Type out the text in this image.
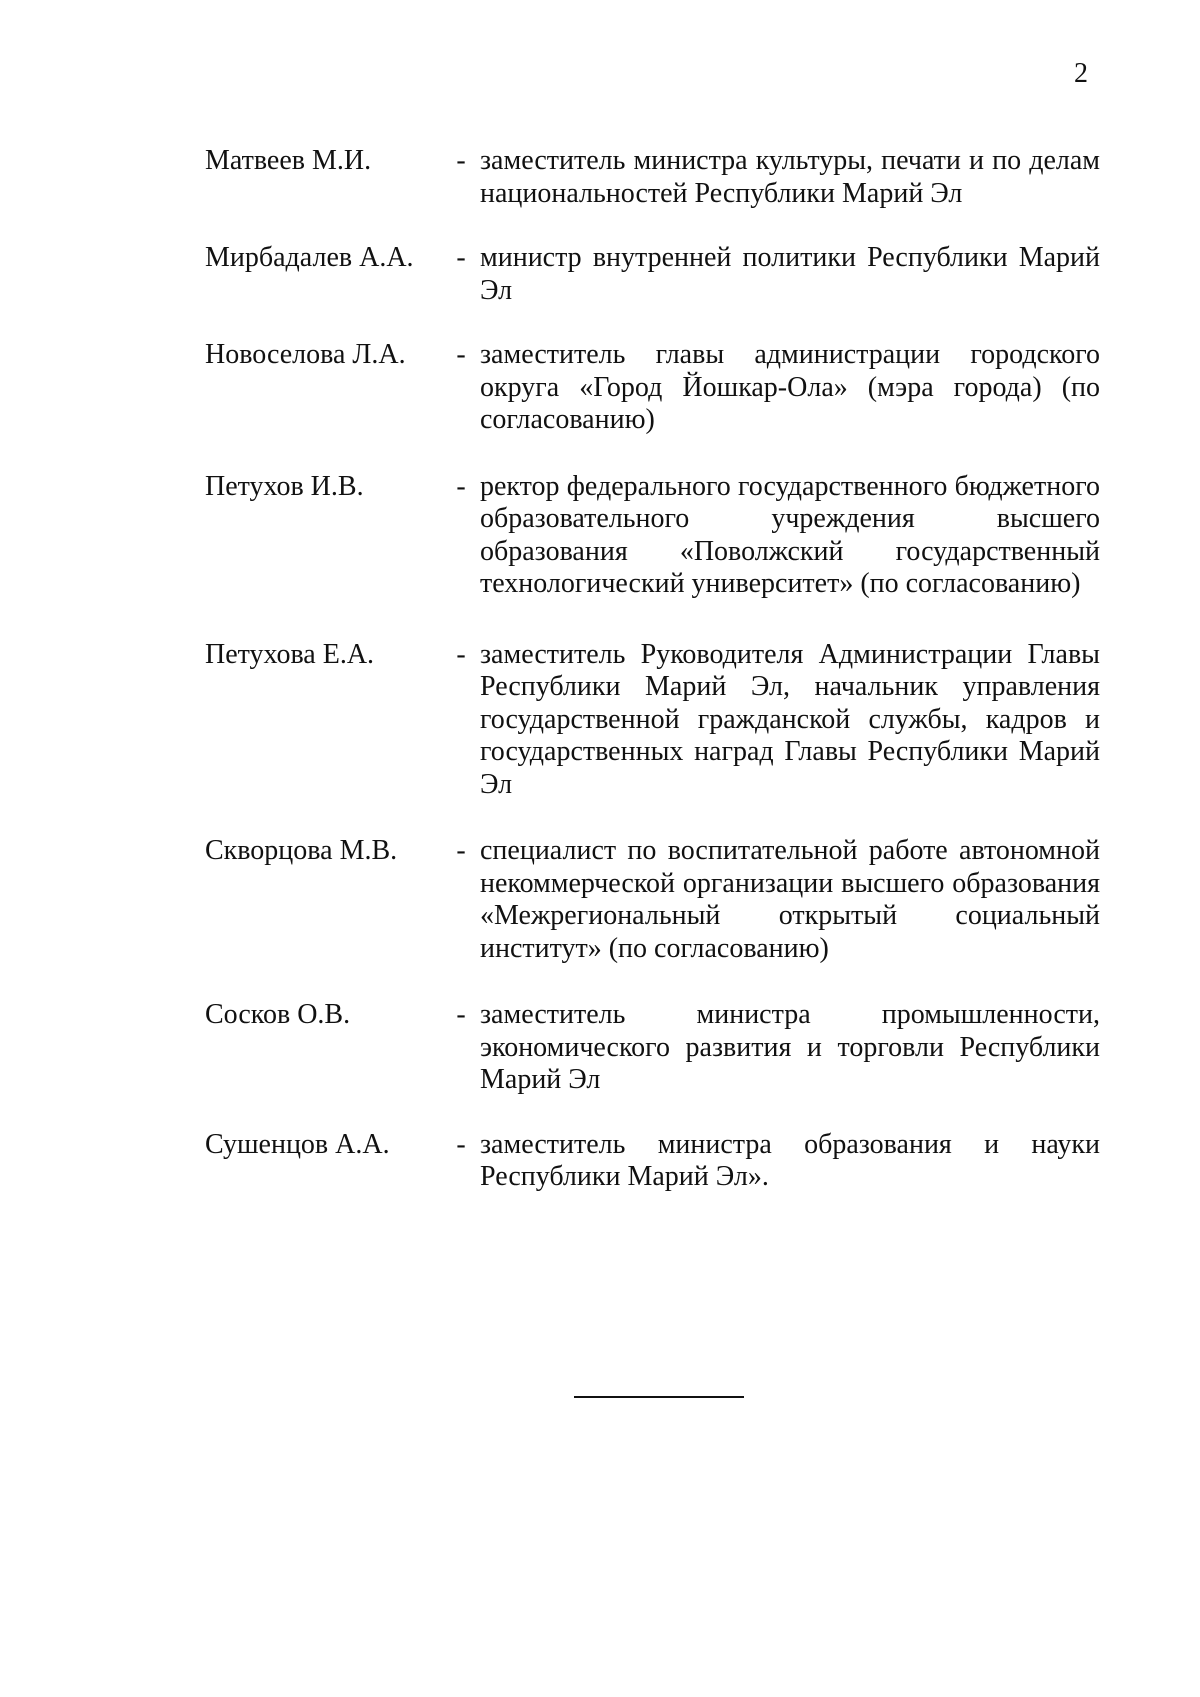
2
Матвеев М.И.	- заместитель министра культуры, печати и по делам национальностей Республики Марий Эл
Мирбадалев А.А.	- министр внутренней политики Республики Марий Эл
Новоселова Л.А.	- заместитель главы администрации городского округа «Город Йошкар-Ола» (мэра города) (по согласованию)
Петухов И.В.	- ректор федерального государственного бюджетного образовательного учреждения высшего образования «Поволжский государственный технологический университет» (по согласованию)
Петухова Е.А.	- заместитель Руководителя Администрации Главы Республики Марий Эл, начальник управления государственной гражданской службы, кадров и государственных наград Главы Республики Марий Эл
Скворцова М.В.	- специалист по воспитательной работе автономной некоммерческой организации высшего образования «Межрегиональный открытый социальный институт» (по согласованию)
Сосков О.В.	- заместитель министра промышленности, экономического развития и торговли Республики Марий Эл
Сушенцов А.А.	- заместитель министра образования и науки Республики Марий Эл».
